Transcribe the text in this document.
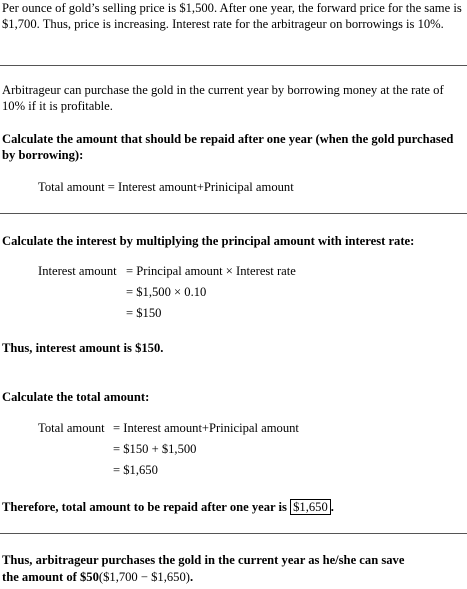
Per ounce of gold’s selling price is $1,500. After one year, the forward price for the same is $1,700. Thus, price is increasing. Interest rate for the arbitrageur on borrowings is 10%.

Arbitrageur can purchase the gold in the current year by borrowing money at the rate of 10% if it is profitable.

Calculate the amount that should be repaid after one year (when the gold purchased by borrowing):

Total amount = Interest amount+Prinicipal amount

Calculate the interest by multiplying the principal amount with interest rate:

Interest amount = Principal amount × Interest rate
= $1,500 × 0.10
= $150

Thus, interest amount is $150.

Calculate the total amount:

Total amount = Interest amount+Prinicipal amount
= $150 + $1,500
= $1,650
Therefore, total amount to be repaid after one year is $1,650 .
Thus, arbitrageur purchases the gold in the current year as he/she can save
the amount of $50($1,700 − $1,650).
